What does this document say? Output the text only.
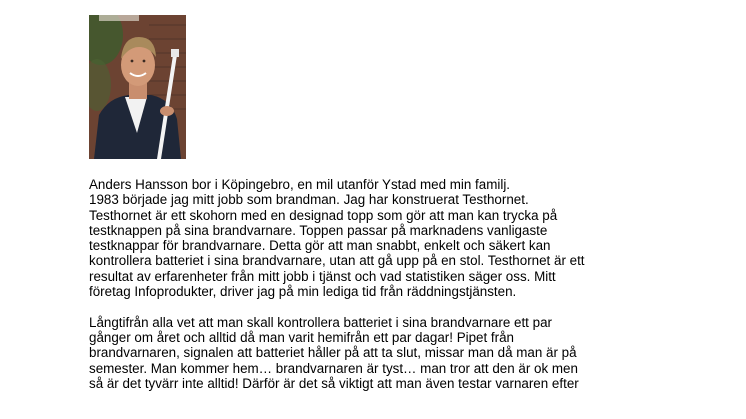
Anders Hansson bor i Köpingebro, en mil utanför Ystad med min familj.
1983 började jag mitt jobb som brandman. Jag har konstruerat Testhornet.
Testhornet är ett skohorn med en designad topp som gör att man kan trycka på
testknappen på sina brandvarnare. Toppen passar på marknadens vanligaste
testknappar för brandvarnare. Detta gör att man snabbt, enkelt och säkert kan
kontrollera batteriet i sina brandvarnare, utan att gå upp på en stol. Testhornet är ett
resultat av erfarenheter från mitt jobb i tjänst och vad statistiken säger oss. Mitt
företag Infoprodukter, driver jag på min lediga tid från räddningstjänsten.
Långtifrån alla vet att man skall kontrollera batteriet i sina brandvarnare ett par
gånger om året och alltid då man varit hemifrån ett par dagar! Pipet från
brandvarnaren, signalen att batteriet håller på att ta slut, missar man då man är på
semester. Man kommer hem… brandvarnaren är tyst… man tror att den är ok men
så är det tyvärr inte alltid! Därför är det så viktigt att man även testar varnaren efter
